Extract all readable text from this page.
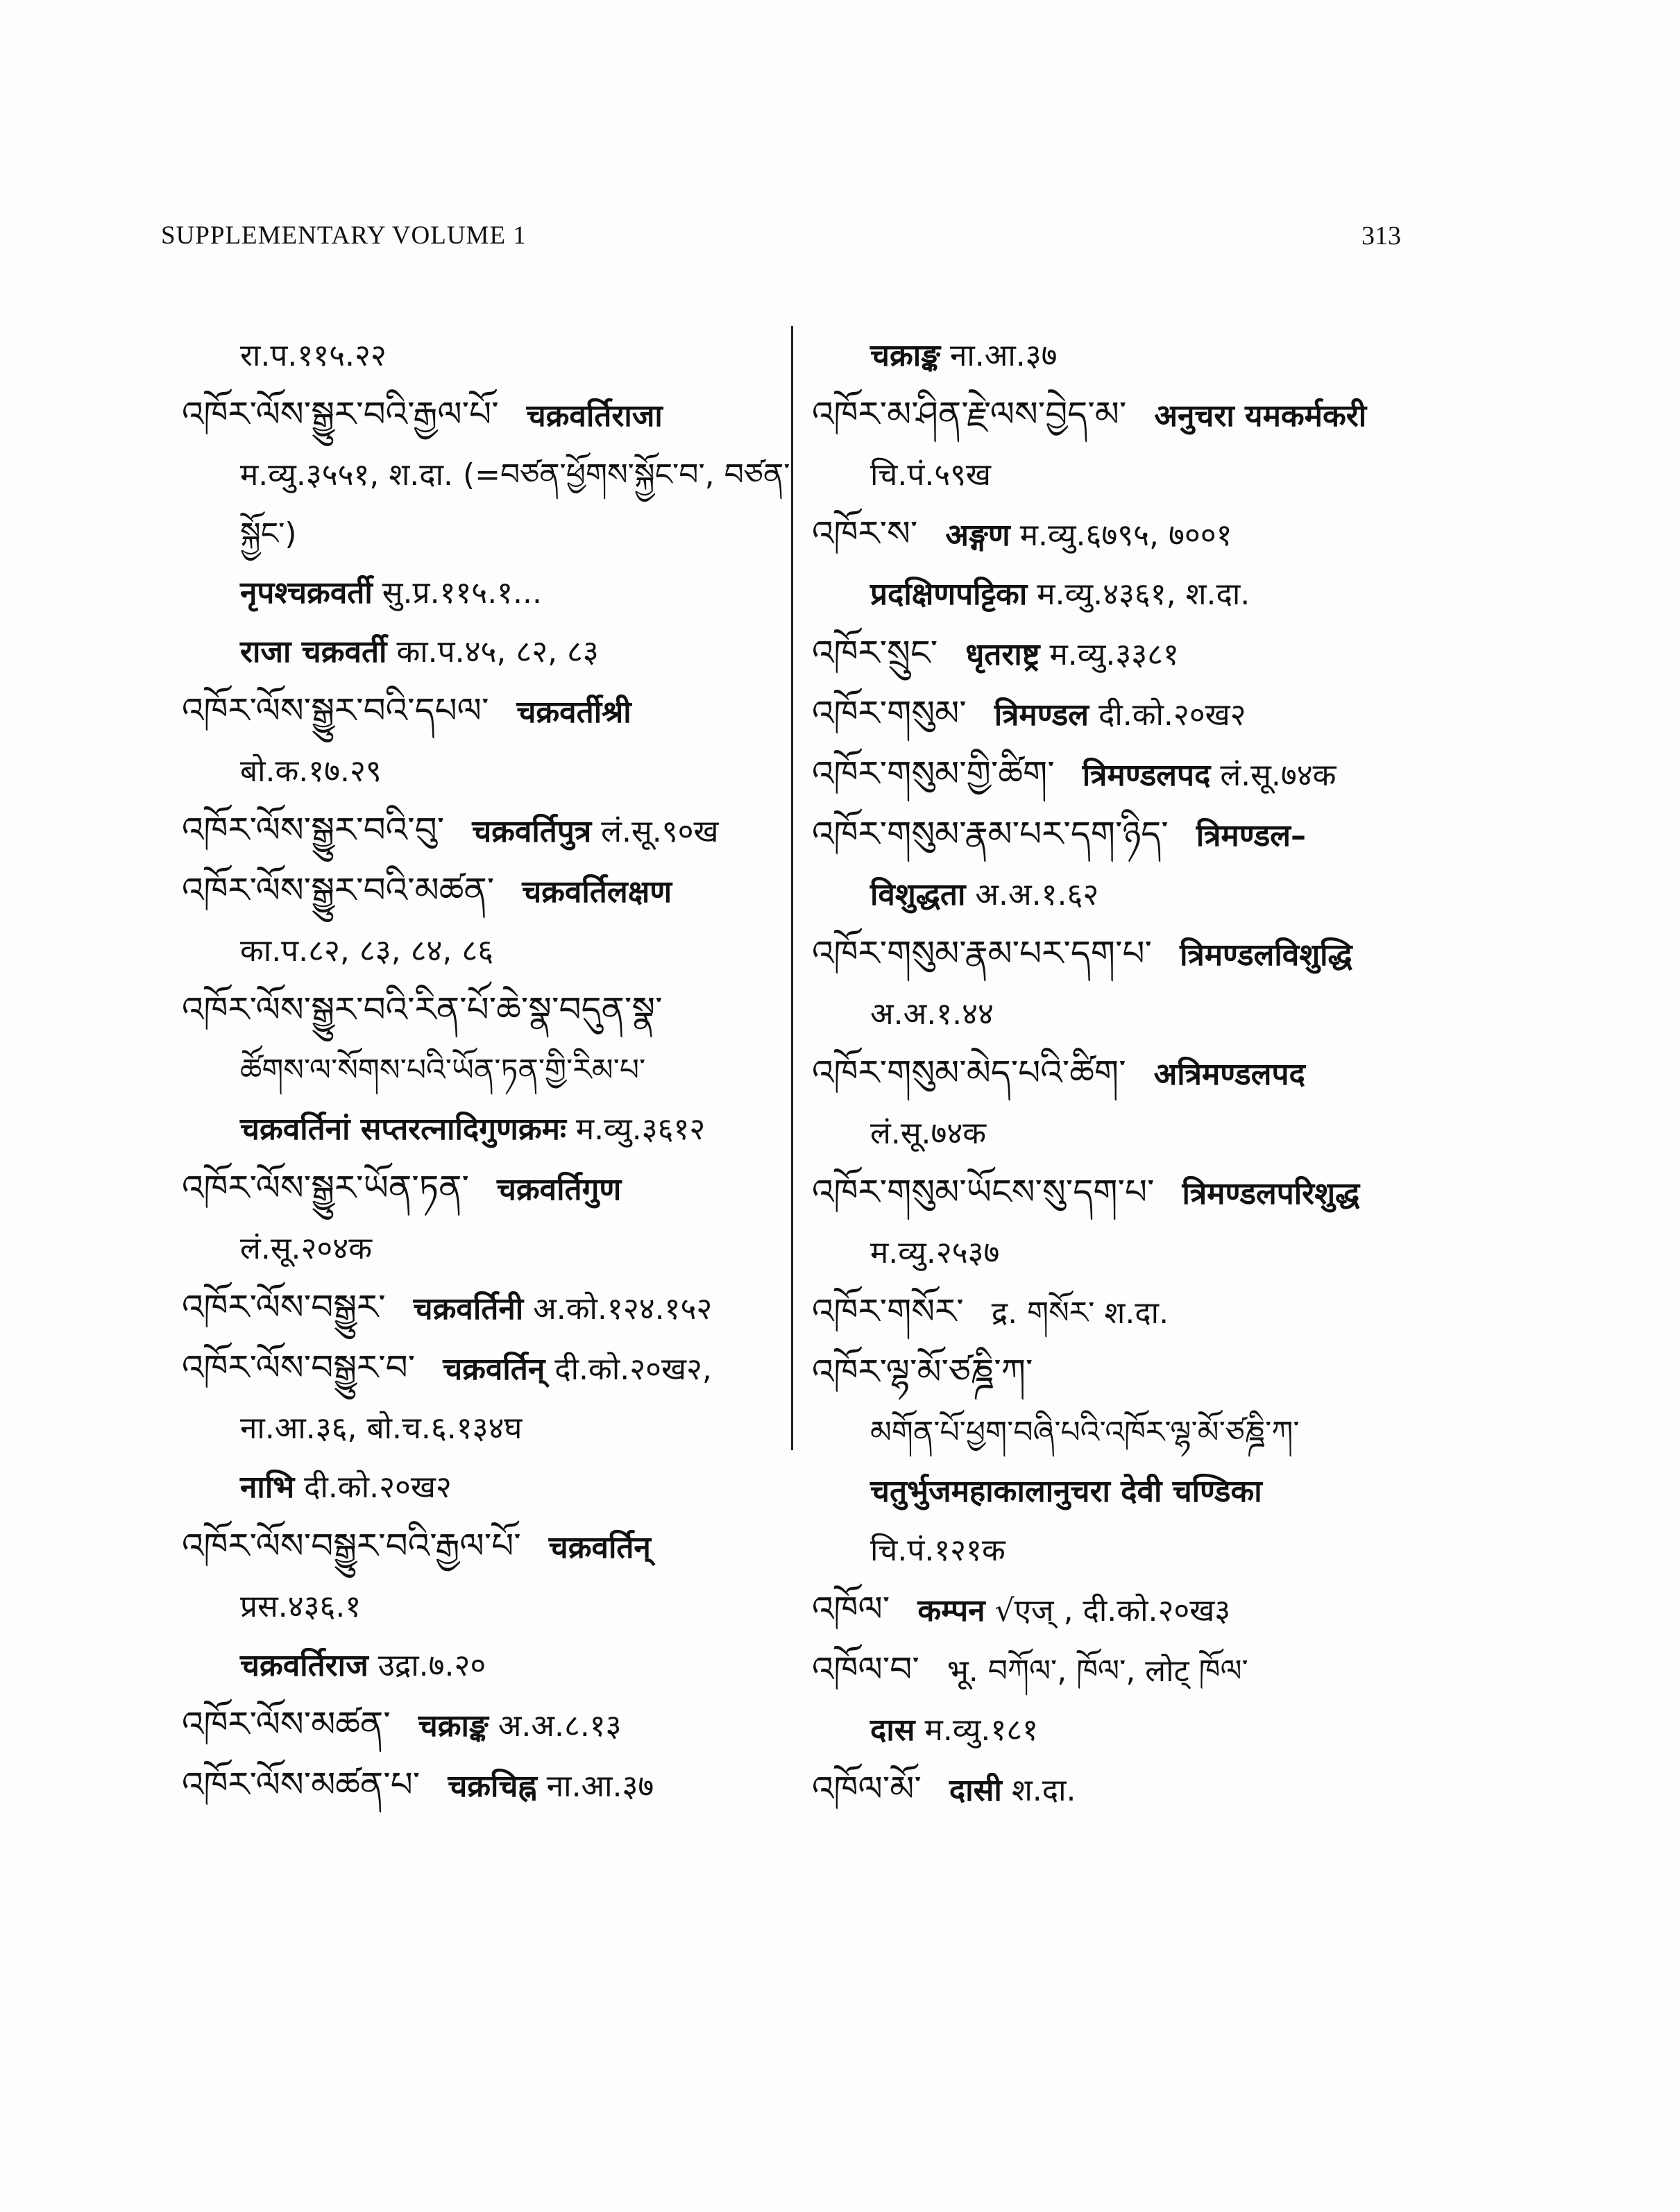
SUPPLEMENTARY VOLUME 1	313
रा.प.११५.२२
འཁོར་ལོས་སྒྱུར་བའི་རྒྱལ་པོ་ चक्रवर्तिराजा
म.व्यु.३५५१, श.दा. (=བཙན་ཕྱོགས་སྐྱོང་བ་, བཙན་
སྐྱོང་)
नृपश्चक्रवर्ती सु.प्र.११५.१...
राजा चक्रवर्ती का.प.४५, ८२, ८३
འཁོར་ལོས་སྒྱུར་བའི་དཔལ་ चक्रवर्तीश्री
बो.क.१७.२९
འཁོར་ལོས་སྒྱུར་བའི་བུ་ चक्रवर्तिपुत्र लं.सू.९०ख
འཁོར་ལོས་སྒྱུར་བའི་མཚན་ चक्रवर्तिलक्षण
का.प.८२, ८३, ८४, ८६
འཁོར་ལོས་སྒྱུར་བའི་རིན་པོ་ཆེ་སྣ་བདུན་སྣ་
ཚོགས་ལ་སོགས་པའི་ཡོན་ཏན་གྱི་རིམ་པ་
चक्रवर्तिनां सप्तरत्नादिगुणक्रमः म.व्यु.३६१२
འཁོར་ལོས་སྒྱུར་ཡོན་ཏན་ चक्रवर्तिगुण
लं.सू.२०४क
འཁོར་ལོས་བསྒྱུར་ चक्रवर्तिनी अ.को.१२४.१५२
འཁོར་ལོས་བསྒྱུར་བ་ चक्रवर्तिन् दी.को.२०ख२,
ना.आ.३६, बो.च.६.१३४घ
नाभि दी.को.२०ख२
འཁོར་ལོས་བསྒྱུར་བའི་རྒྱལ་པོ་ चक्रवर्तिन्
प्रस.४३६.१
चक्रवर्तिराज उद्रा.७.२०
འཁོར་ལོས་མཚན་ चक्राङ्क अ.अ.८.१३
འཁོར་ལོས་མཚན་པ་ चक्रचिह्न ना.आ.३७
चक्राङ्क ना.आ.३७
འཁོར་མ་ཤིན་རྗེ་ལས་བྱེད་མ་ अनुचरा यमकर्मकरी
चि.पं.५९ख
འཁོར་ས་ अङ्गण म.व्यु.६७९५, ७००१
प्रदक्षिणपट्टिका म.व्यु.४३६१, श.दा.
འཁོར་སྲུང་ धृतराष्ट्र म.व्यु.३३८१
འཁོར་གསུམ་ त्रिमण्डल दी.को.२०ख२
འཁོར་གསུམ་གྱི་ཚིག་ त्रिमण्डलपद लं.सू.७४क
འཁོར་གསུམ་རྣམ་པར་དག་ཉིད་ त्रिमण्डल–
विशुद्धता अ.अ.१.६२
འཁོར་གསུམ་རྣམ་པར་དག་པ་ त्रिमण्डलविशुद्धि
अ.अ.१.४४
འཁོར་གསུམ་མེད་པའི་ཚིག་ अत्रिमण्डलपद
लं.सू.७४क
འཁོར་གསུམ་ཡོངས་སུ་དག་པ་ त्रिमण्डलपरिशुद्ध
म.व्यु.२५३७
འཁོར་གསོར་ द्र. གསོར་ श.दा.
འཁོར་ལྷ་མོ་ཙཎྜི་ཀ་
མགོན་པོ་ཕྱག་བཞི་པའི་འཁོར་ལྷ་མོ་ཙཎྜི་ཀ་
चतुर्भुजमहाकालानुचरा देवी चण्डिका
चि.पं.१२१क
འཁོལ་ कम्पन √एज् , दी.को.२०ख३
འཁོལ་བ་ भू. བཀོལ་, ཁོལ་, लोट् ཁོལ་
दास म.व्यु.१८१
འཁོལ་མོ་ दासी श.दा.
